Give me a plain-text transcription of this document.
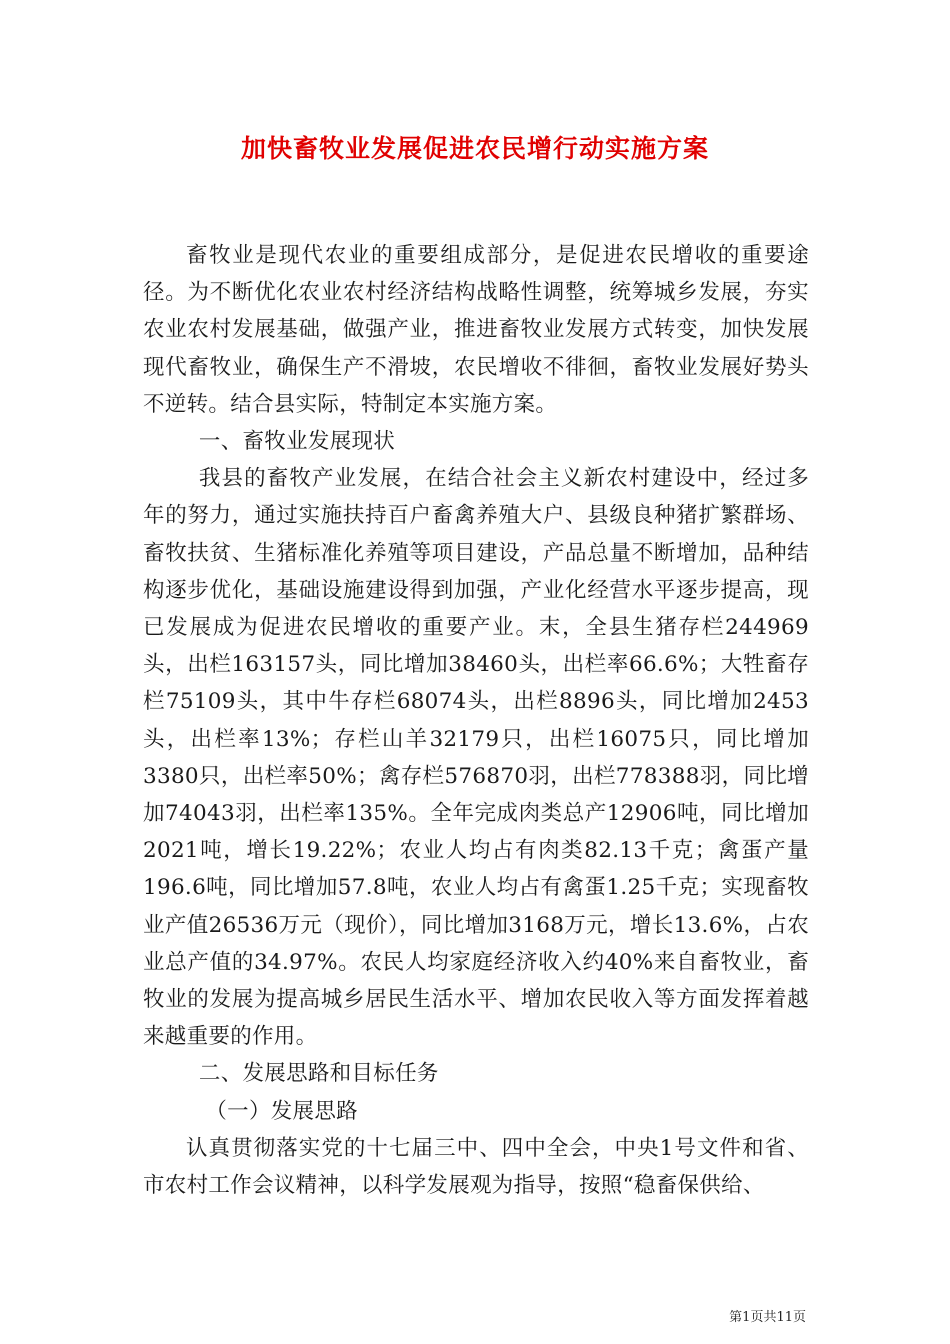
加快畜牧业发展促进农民增行动实施方案

畜牧业是现代农业的重要组成部分，是促进农民增收的重要途径。为不断优化农业农村经济结构战略性调整，统筹城乡发展，夯实农业农村发展基础，做强产业，推进畜牧业发展方式转变，加快发展现代畜牧业，确保生产不滑坡，农民增收不徘徊，畜牧业发展好势头不逆转。结合县实际，特制定本实施方案。

一、畜牧业发展现状

我县的畜牧产业发展，在结合社会主义新农村建设中，经过多年的努力，通过实施扶持百户畜禽养殖大户、县级良种猪扩繁群场、畜牧扶贫、生猪标准化养殖等项目建设，产品总量不断增加，品种结构逐步优化，基础设施建设得到加强，产业化经营水平逐步提高，现已发展成为促进农民增收的重要产业。末，全县生猪存栏244969头，出栏163157头，同比增加38460头，出栏率66.6%；大牲畜存栏75109头，其中牛存栏68074头，出栏8896头，同比增加2453头，出栏率13%；存栏山羊32179只，出栏16075只，同比增加3380只，出栏率50%；禽存栏576870羽，出栏778388羽，同比增加74043羽，出栏率135%。全年完成肉类总产12906吨，同比增加2021吨，增长19.22%；农业人均占有肉类82.13千克；禽蛋产量196.6吨，同比增加57.8吨，农业人均占有禽蛋1.25千克；实现畜牧业产值26536万元（现价），同比增加3168万元，增长13.6%，占农业总产值的34.97%。农民人均家庭经济收入约40%来自畜牧业，畜牧业的发展为提高城乡居民生活水平、增加农民收入等方面发挥着越来越重要的作用。

二、发展思路和目标任务

（一）发展思路

认真贯彻落实党的十七届三中、四中全会，中央1号文件和省、市农村工作会议精神，以科学发展观为指导，按照“稳畜保供给、

第1页共11页
